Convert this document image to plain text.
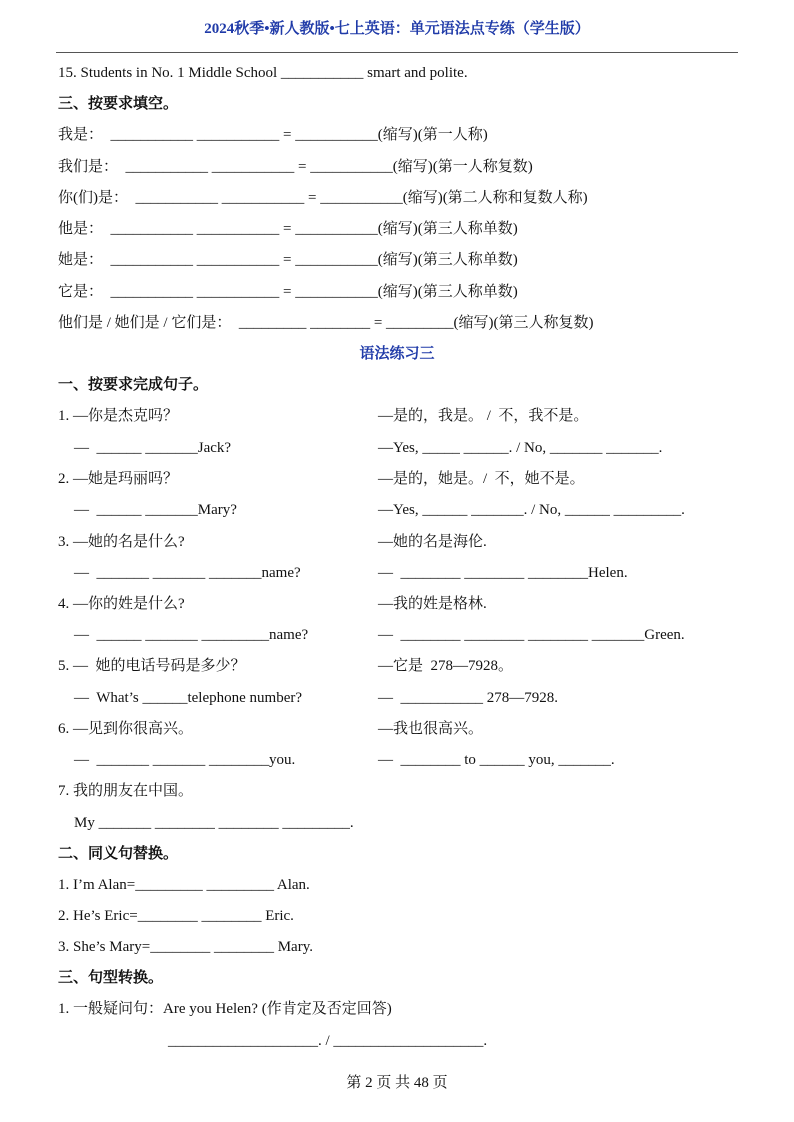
2024秋季•新人教版•七上英语：单元语法点专练（学生版）
15. Students in No. 1 Middle School ___________ smart and polite.
三、按要求填空。
我是：  ___________ ___________ = ___________(缩写)(第一人称)
我们是：  ___________ ___________ = ___________(缩写)(第一人称复数)
你(们)是：  ___________ ___________ = ___________(缩写)(第二人称和复数人称)
他是：  ___________ ___________ = ___________(缩写)(第三人称单数)
她是：  ___________ ___________ = ___________(缩写)(第三人称单数)
它是：  ___________ ___________ = ___________(缩写)(第三人称单数)
他们是 / 她们是 / 它们是：  _________ ________ = _________(缩写)(第三人称复数)
语法练习三
一、按要求完成句子。
1. —你是杰克吗？	—是的，我是。 /  不，我不是。
—  ______ _______Jack?	—Yes, _____ ______. / No, _______ _______.
2. —她是玛丽吗？	—是的，她是。/  不，她不是。
—  ______ _______Mary?	—Yes, ______ _______. / No, ______ _________.
3. —她的名是什么?	—她的名是海伦.
—  _______ _______ _______name?	—  ________ ________ ________Helen.
4. —你的姓是什么?	—我的姓是格林.
—  ______ _______ _________name?	—  ________ ________ ________ _______Green.
5. —  她的电话号码是多少？	—它是  278—7928。
—  What’s ______telephone number?	—  ___________ 278—7928.
6. —见到你很高兴。	—我也很高兴。
—  _______ _______ ________you.	—  ________ to ______ you, _______.
7. 我的朋友在中国。
My _______ ________ ________ _________.
二、同义句替换。
1. I’m Alan=_________ _________ Alan.
2. He’s Eric=________ ________ Eric.
3. She’s Mary=________ ________ Mary.
三、句型转换。
1. 一般疑问句：Are you Helen? (作肯定及否定回答)
____________________. / ____________________.
第 2 页 共 48 页
